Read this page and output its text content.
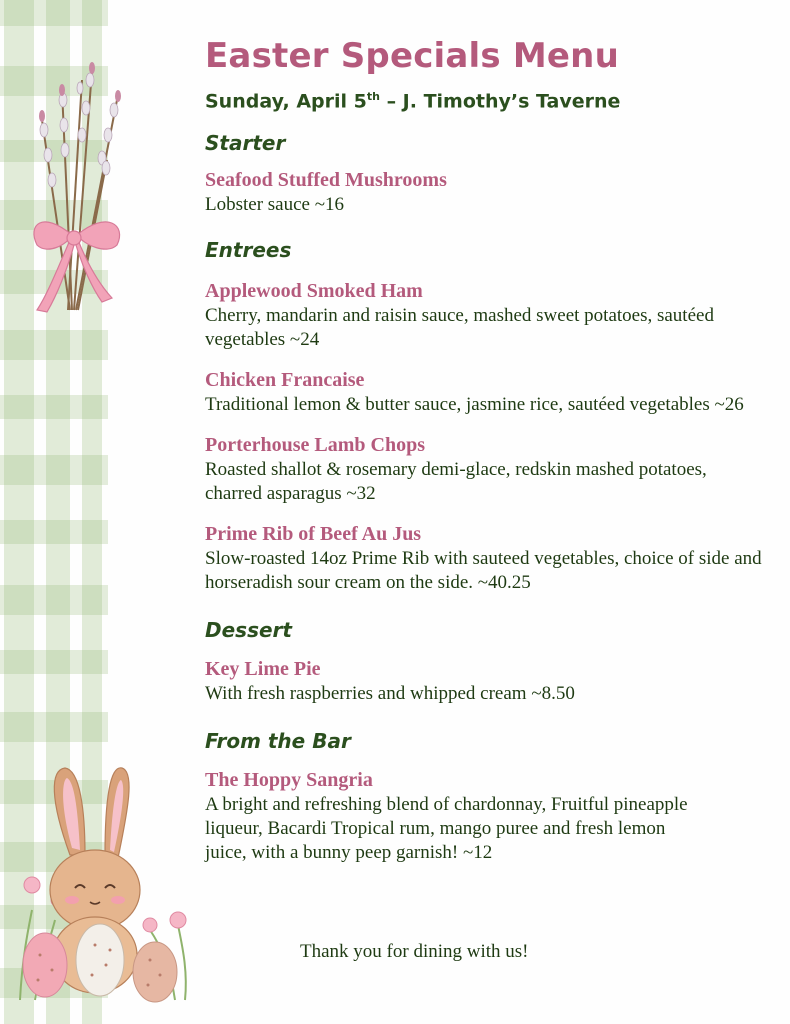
Easter Specials Menu
Sunday, April 5th – J. Timothy’s Taverne
Starter
Seafood Stuffed Mushrooms
Lobster sauce ~16
Entrees
Applewood Smoked Ham
Cherry, mandarin and raisin sauce, mashed sweet potatoes, sautéed vegetables ~24
Chicken Francaise
Traditional lemon & butter sauce, jasmine rice, sautéed vegetables ~26
Porterhouse Lamb Chops
Roasted shallot & rosemary demi-glace, redskin mashed potatoes, charred asparagus ~32
Prime Rib of Beef Au Jus
Slow-roasted 14oz Prime Rib with sauteed vegetables, choice of side and horseradish sour cream on the side. ~40.25
Dessert
Key Lime Pie
With fresh raspberries and whipped cream ~8.50
From the Bar
The Hoppy Sangria
A bright and refreshing blend of chardonnay, Fruitful pineapple liqueur, Bacardi Tropical rum, mango puree and fresh lemon juice, with a bunny peep garnish! ~12
Thank you for dining with us!
